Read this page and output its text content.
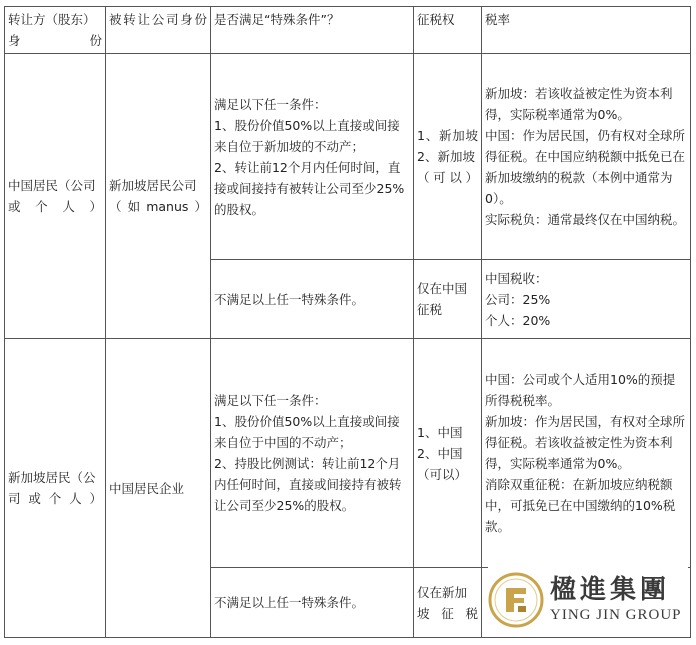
转让方（股东）身份	被转让公司身份	是否满足“特殊条件”？	征税权	税率
中国居民（公司或个人）	新加坡居民公司（如manus）	满足以下任一条件：
1、股份价值50%以上直接或间接来自位于新加坡的不动产；
2、转让前12个月内任何时间，直接或间接持有被转让公司至少25%的股权。	1、新加坡
2、新加坡（可以）	新加坡：若该收益被定性为资本利得，实际税率通常为0%。
中国：作为居民国，仍有权对全球所得征税。在中国应纳税额中抵免已在新加坡缴纳的税款（本例中通常为0）。
实际税负：通常最终仅在中国纳税。

		不满足以上任一特殊条件。	仅在中国征税	中国税收：
公司：25%
个人：20%

新加坡居民（公司或个人）	中国居民企业	满足以下任一条件：
1、股份价值50%以上直接或间接来自位于中国的不动产；
2、持股比例测试：转让前12个月内任何时间，直接或间接持有被转让公司至少25%的股权。	1、中国
2、中国（可以）	中国：公司或个人适用10%的预提所得税税率。
新加坡：作为居民国，有权对全球所得征税。若该收益被定性为资本利得，实际税率通常为0%。
消除双重征税：在新加坡应纳税额中，可抵免已在中国缴纳的10%税款。

		不满足以上任一特殊条件。	仅在新加坡征税	
楹進集團
YING JIN GROUP
